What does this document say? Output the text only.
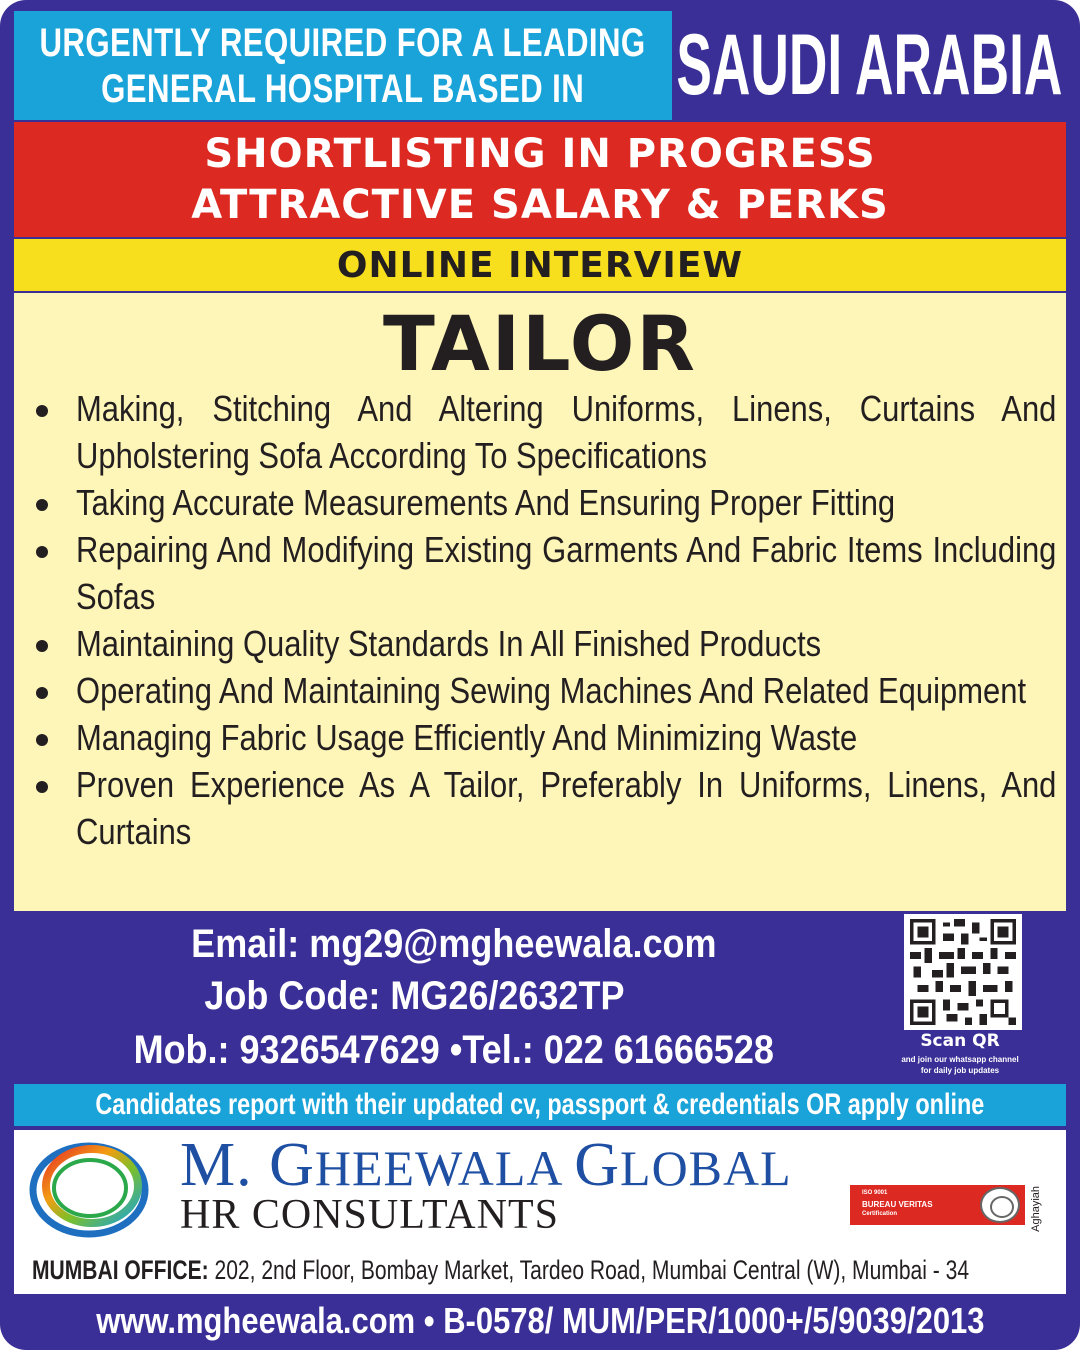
URGENTLY REQUIRED FOR A LEADING
GENERAL HOSPITAL BASED IN SAUDI ARABIA
SHORTLISTING IN PROGRESS
ATTRACTIVE SALARY & PERKS
ONLINE INTERVIEW
TAILOR
Making, Stitching And Altering Uniforms, Linens, Curtains And Upholstering Sofa According To Specifications
Taking Accurate Measurements And Ensuring Proper Fitting
Repairing And Modifying Existing Garments And Fabric Items Including Sofas
Maintaining Quality Standards In All Finished Products
Operating And Maintaining Sewing Machines And Related Equipment
Managing Fabric Usage Efficiently And Minimizing Waste
Proven Experience As A Tailor, Preferably In Uniforms, Linens, And Curtains
Email: mg29@mgheewala.com
Job Code: MG26/2632TP
Mob.: 9326547629 •Tel.: 022 61666528	Scan QR
and join our whatsapp channel
for daily job updates
Candidates report with their updated cv, passport & credentials OR apply online
M. GHEEWALA GLOBAL
HR CONSULTANTS	ISO 9001
BUREAU VERITAS
Certification	Aghayiah
MUMBAI OFFICE: 202, 2nd Floor, Bombay Market, Tardeo Road, Mumbai Central (W), Mumbai - 34
www.mgheewala.com • B-0578/ MUM/PER/1000+/5/9039/2013
